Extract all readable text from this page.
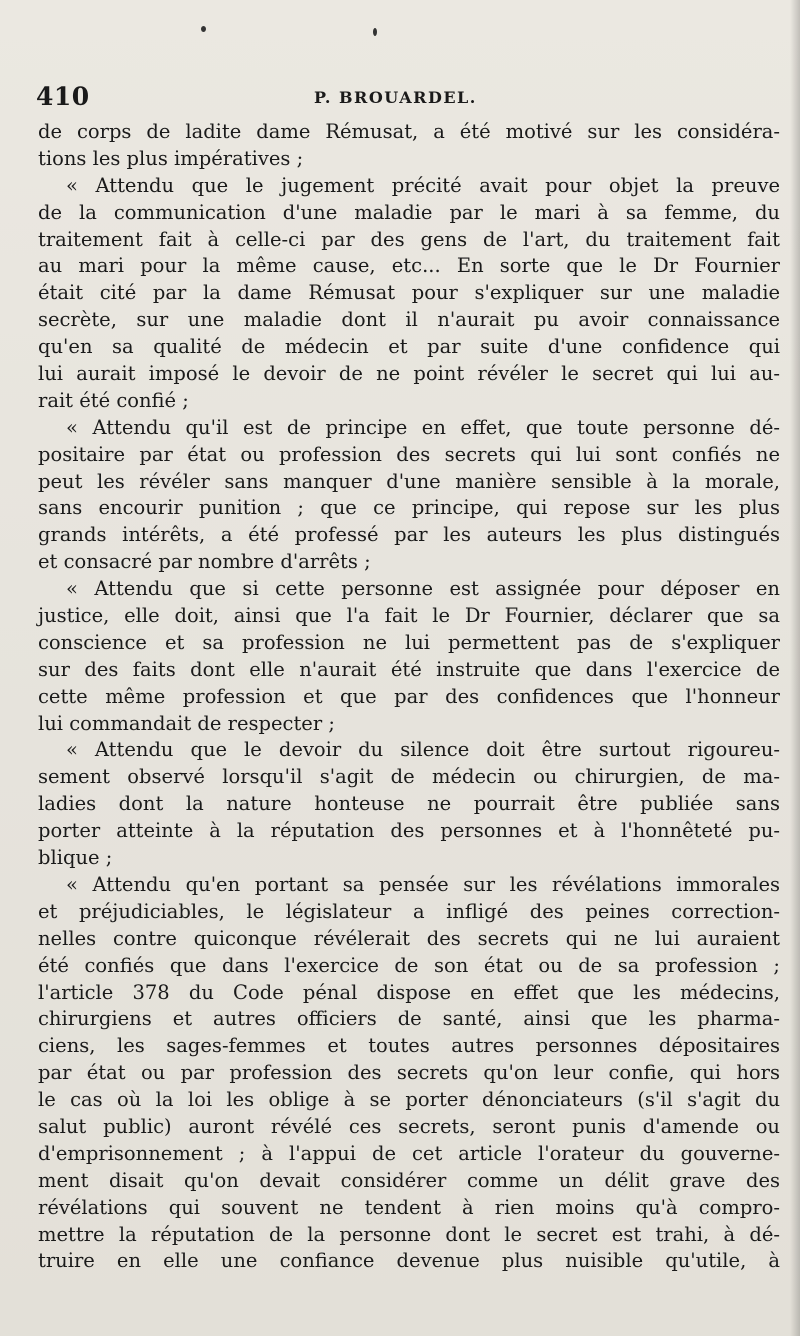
410	P. BROUARDEL.
de corps de ladite dame Rémusat, a été motivé sur les considéra-
tions les plus impératives ;
« Attendu que le jugement précité avait pour objet la preuve
de la communication d'une maladie par le mari à sa femme, du
traitement fait à celle-ci par des gens de l'art, du traitement fait
au mari pour la même cause, etc... En sorte que le Dr Fournier
était cité par la dame Rémusat pour s'expliquer sur une maladie
secrète, sur une maladie dont il n'aurait pu avoir connaissance
qu'en sa qualité de médecin et par suite d'une confidence qui
lui aurait imposé le devoir de ne point révéler le secret qui lui au-
rait été confié ;
« Attendu qu'il est de principe en effet, que toute personne dé-
positaire par état ou profession des secrets qui lui sont confiés ne
peut les révéler sans manquer d'une manière sensible à la morale,
sans encourir punition ; que ce principe, qui repose sur les plus
grands intérêts, a été professé par les auteurs les plus distingués
et consacré par nombre d'arrêts ;
« Attendu que si cette personne est assignée pour déposer en
justice, elle doit, ainsi que l'a fait le Dr Fournier, déclarer que sa
conscience et sa profession ne lui permettent pas de s'expliquer
sur des faits dont elle n'aurait été instruite que dans l'exercice de
cette même profession et que par des confidences que l'honneur
lui commandait de respecter ;
« Attendu que le devoir du silence doit être surtout rigoureu-
sement observé lorsqu'il s'agit de médecin ou chirurgien, de ma-
ladies dont la nature honteuse ne pourrait être publiée sans
porter atteinte à la réputation des personnes et à l'honnêteté pu-
blique ;
« Attendu qu'en portant sa pensée sur les révélations immorales
et préjudiciables, le législateur a infligé des peines correction-
nelles contre quiconque révélerait des secrets qui ne lui auraient
été confiés que dans l'exercice de son état ou de sa profession ;
l'article 378 du Code pénal dispose en effet que les médecins,
chirurgiens et autres officiers de santé, ainsi que les pharma-
ciens, les sages-femmes et toutes autres personnes dépositaires
par état ou par profession des secrets qu'on leur confie, qui hors
le cas où la loi les oblige à se porter dénonciateurs (s'il s'agit du
salut public) auront révélé ces secrets, seront punis d'amende ou
d'emprisonnement ; à l'appui de cet article l'orateur du gouverne-
ment disait qu'on devait considérer comme un délit grave des
révélations qui souvent ne tendent à rien moins qu'à compro-
mettre la réputation de la personne dont le secret est trahi, à dé-
truire en elle une confiance devenue plus nuisible qu'utile, à
